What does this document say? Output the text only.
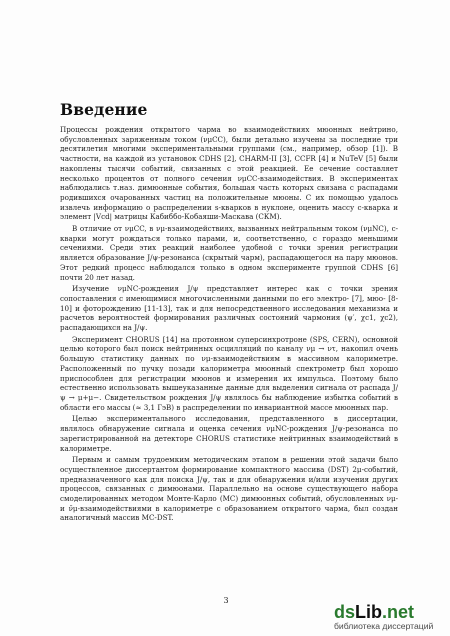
Введение

Процессы рождения открытого чарма во взаимодействиях мюонных нейтрино, обусловленных заряженным током (νμCC), были детально изучены за последние три десятилетия многими экспериментальными группами (см., например, обзор [1]). В частности, на каждой из установок CDHS [2], CHARM-II [3], CCFR [4] и NuTeV [5] были накоплены тысячи событий, связанных с этой реакцией. Ее сечение составляет несколько процентов от полного сечения νμCC-взаимодействия. В экспериментах наблюдались т.наз. димюонные события, большая часть которых связана с распадами родившихся очарованных частиц на положительные мюоны. С их помощью удалось извлечь информацию о распределении s-кварков в нуклоне, оценить массу c-кварка и элемент |Vcd| матрицы Кабиббо-Кобаяши-Маскава (СКМ).

В отличие от νμCC, в νμ-взаимодействиях, вызванных нейтральным током (νμNC), c-кварки могут рождаться только парами, и, соответственно, с гораздо меньшими сечениями. Среди этих реакций наиболее удобной с точки зрения регистрации является образование J/ψ-резонанса (скрытый чарм), распадающегося на пару мюонов. Этот редкий процесс наблюдался только в одном эксперименте группой CDHS [6] почти 20 лет назад.

Изучение νμNC-рождения J/ψ представляет интерес как с точки зрения сопоставления с имеющимися многочисленными данными по его электро- [7], мюо- [8-10] и фоторождению [11-13], так и для непосредственного исследования механизма и расчетов вероятностей формирования различных состояний чармония (ψ′, χc1, χc2), распадающихся на J/ψ.

Эксперимент CHORUS [14] на протонном суперсинхротроне (SPS, CERN), основной целью которого был поиск нейтринных осцилляций по каналу νμ → ντ, накопил очень большую статистику данных по νμ-взаимодействиям в массивном калориметре. Расположенный по пучку позади калориметра мюонный спектрометр был хорошо приспособлен для регистрации мюонов и измерения их импульса. Поэтому было естественно использовать вышеуказанные данные для выделения сигнала от распада J/ψ → μ+μ−. Свидетельством рождения J/ψ являлось бы наблюдение избытка событий в области его массы (≈ 3,1 ГэВ) в распределении по инвариантной массе мюонных пар.

Целью экспериментального исследования, представленного в диссертации, являлось обнаружение сигнала и оценка сечения νμNC-рождения J/ψ-резонанса по зарегистрированной на детекторе CHORUS статистике нейтринных взаимодействий в калориметре.

Первым и самым трудоемким методическим этапом в решении этой задачи было осуществленное диссертантом формирование компактного массива (DST) 2μ-событий, предназначенного как для поиска J/ψ, так и для обнаружения и/или изучения других процессов, связанных с димюонами. Параллельно на основе существующего набора смоделированных методом Монте-Карло (МС) димюонных событий, обусловленных νμ- и ν̄μ-взаимодействиями в калориметре с образованием открытого чарма, был создан аналогичный массив МС-DST.

3
ds Lib .net
библиотека диссертаций
